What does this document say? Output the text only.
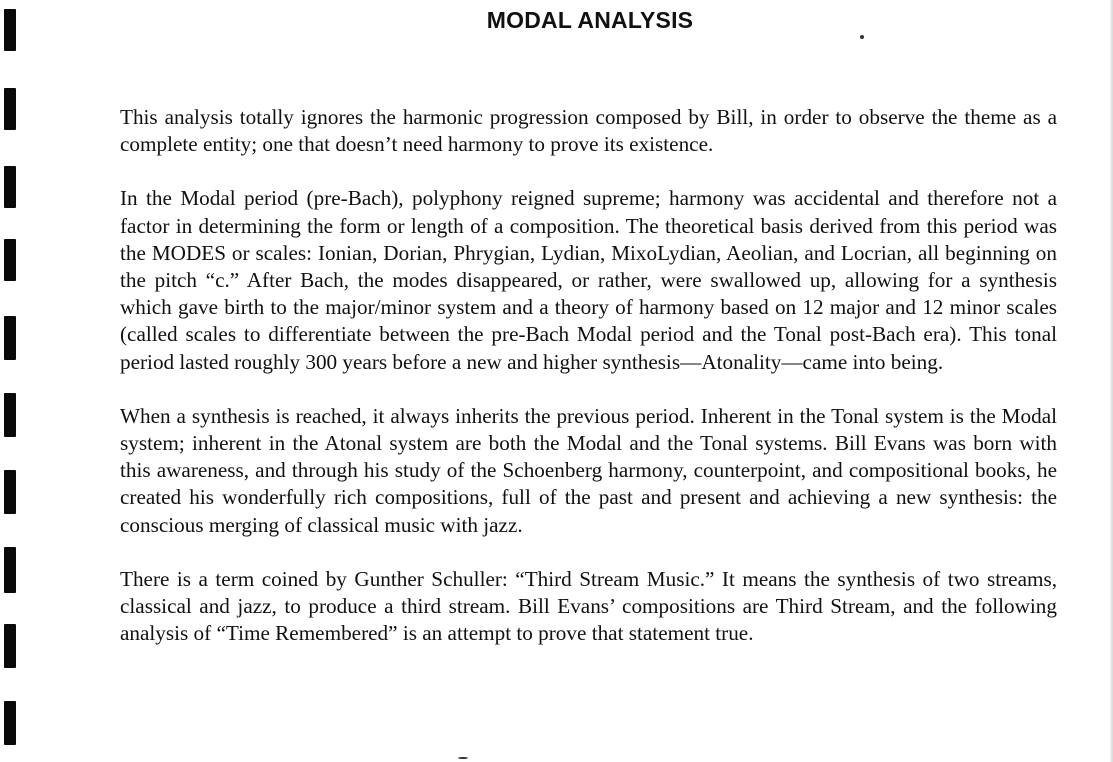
MODAL ANALYSIS

This analysis totally ignores the harmonic progression composed by Bill, in order to observe the theme as a complete entity; one that doesn’t need harmony to prove its existence.

In the Modal period (pre-Bach), polyphony reigned supreme; harmony was accidental and therefore not a factor in determining the form or length of a composition. The theoretical basis derived from this period was the MODES or scales: Ionian, Dorian, Phrygian, Lydian, MixoLydian, Aeolian, and Locrian, all beginning on the pitch “c.” After Bach, the modes disappeared, or rather, were swallowed up, allowing for a synthesis which gave birth to the major/minor system and a theory of harmony based on 12 major and 12 minor scales (called scales to differentiate between the pre-Bach Modal period and the Tonal post-Bach era). This tonal period lasted roughly 300 years before a new and higher synthesis—Atonality—came into being.

When a synthesis is reached, it always inherits the previous period. Inherent in the Tonal system is the Modal system; inherent in the Atonal system are both the Modal and the Tonal systems. Bill Evans was born with this awareness, and through his study of the Schoenberg harmony, counterpoint, and compositional books, he created his wonderfully rich compositions, full of the past and present and achieving a new synthesis: the conscious merging of classical music with jazz.

There is a term coined by Gunther Schuller: “Third Stream Music.” It means the synthesis of two streams, classical and jazz, to produce a third stream. Bill Evans’ compositions are Third Stream, and the following analysis of “Time Remembered” is an attempt to prove that statement true.
